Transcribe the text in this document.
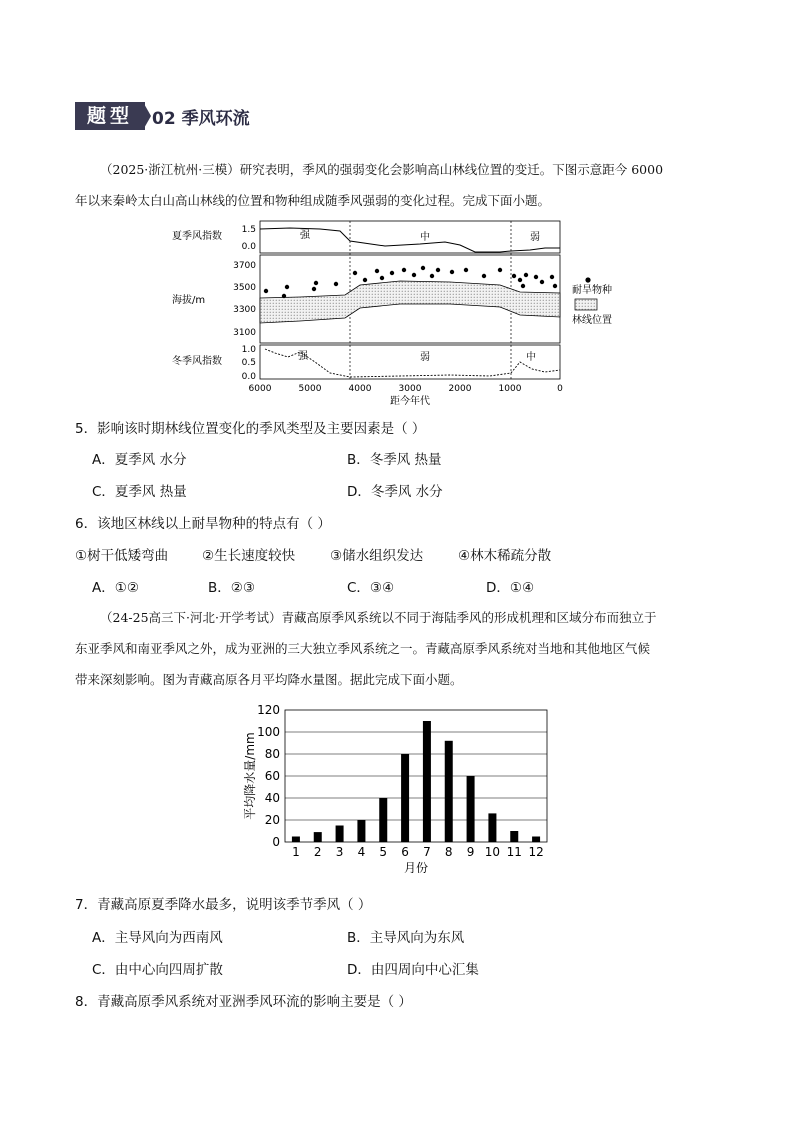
题型	02 季风环流
（2025·浙江杭州·三模）研究表明，季风的强弱变化会影响高山林线位置的变迁。下图示意距今 6000
年以来秦岭太白山高山林线的位置和物种组成随季风强弱的变化过程。完成下面小题。
夏季风指数
1.5
0.0
强	中	弱
海拔/m
3700
3500
3300
3100
耐旱物种
林线位置
冬季风指数
1.0
0.5
0.0
强	弱	中
6000	5000	4000	3000	2000	1000	0
距今年代
5．影响该时期林线位置变化的季风类型及主要因素是（ ）
A．夏季风 水分	B．冬季风 热量
C．夏季风 热量	D．冬季风 水分
6．该地区林线以上耐旱物种的特点有（ ）
①树干低矮弯曲	②生长速度较快	③储水组织发达	④林木稀疏分散
A．①②	B．②③	C．③④	D．①④
（24-25高三下·河北·开学考试）青藏高原季风系统以不同于海陆季风的形成机理和区域分布而独立于
东亚季风和南亚季风之外，成为亚洲的三大独立季风系统之一。青藏高原季风系统对当地和其他地区气候
带来深刻影响。图为青藏高原各月平均降水量图。据此完成下面小题。
0
20
40
60
80
100
120
1 2 3 4 5 6 7 8 9 10 11 12
平均降水量/mm
月份
7．青藏高原夏季降水最多，说明该季节季风（ ）
A．主导风向为西南风	B．主导风向为东风
C．由中心向四周扩散	D．由四周向中心汇集
8．青藏高原季风系统对亚洲季风环流的影响主要是（ ）
